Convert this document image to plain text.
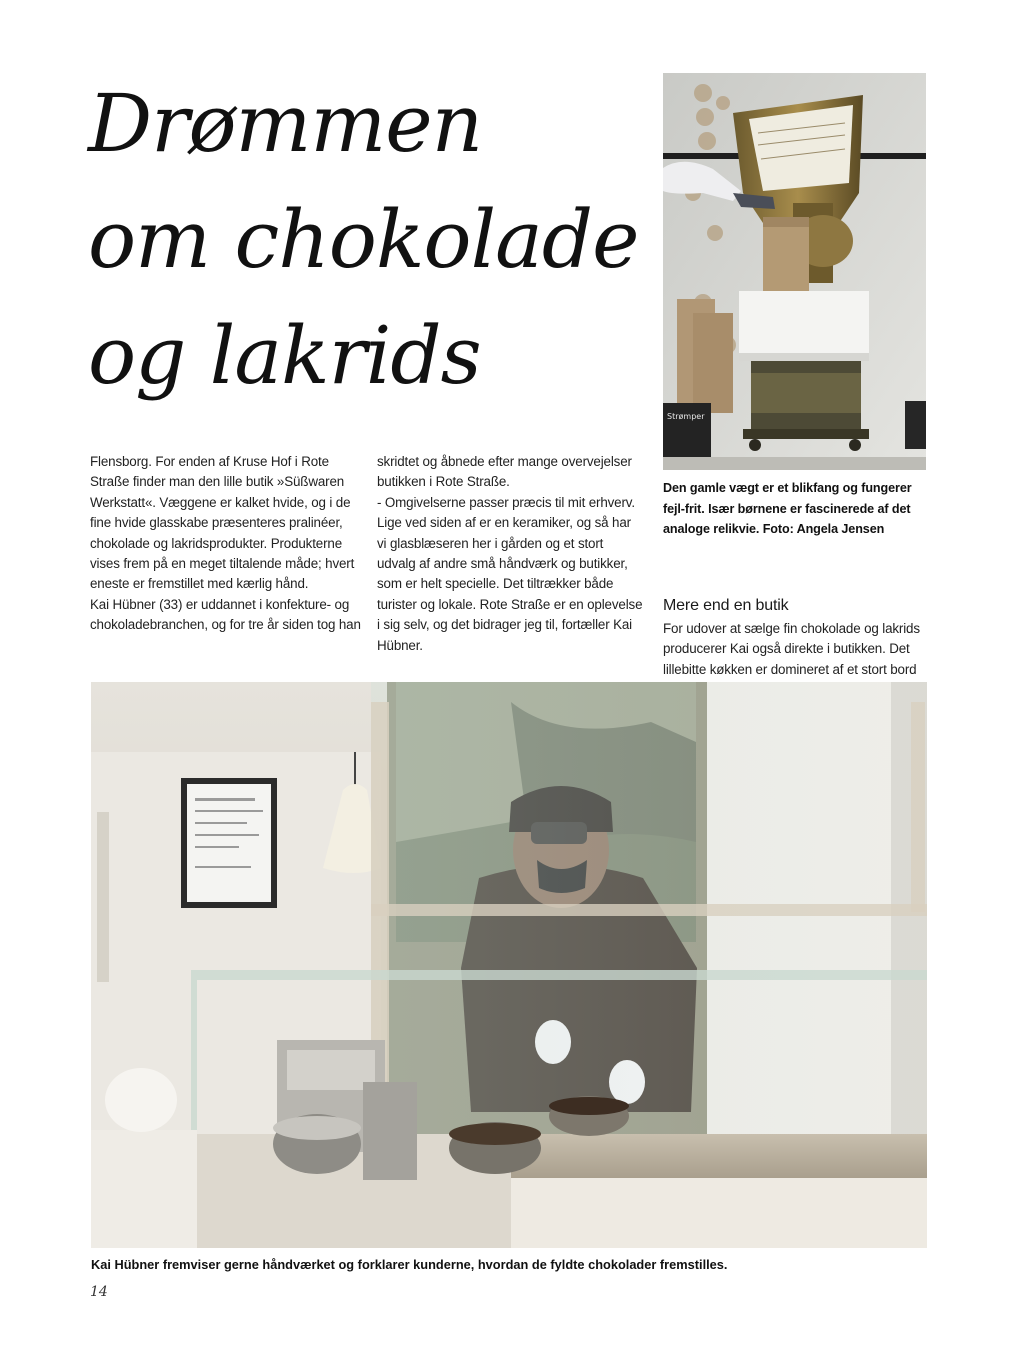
Drømmen
om chokolade
og lakrids
Strømper

Den gamle vægt er et blikfang og fungerer fejl-frit. Især børnene er fascinerede af det analoge relikvie. Foto: Angela Jensen

Flensborg. For enden af Kruse Hof i Rote Straße finder man den lille butik »Süßwaren Werkstatt«. Væggene er kalket hvide, og i de fine hvide glasskabe præsenteres pralinéer, chokolade og lakridsprodukter. Produkterne vises frem på en meget tiltalende måde; hvert eneste er fremstillet med kærlig hånd.

Kai Hübner (33) er uddannet i konfekture- og chokoladebranchen, og for tre år siden tog han

skridtet og åbnede efter mange overvejelser butikken i Rote Straße.

- Omgivelserne passer præcis til mit erhverv. Lige ved siden af er en keramiker, og så har vi glasblæseren her i gården og et stort udvalg af andre små håndværk og butikker, som er helt specielle. Det tiltrækker både turister og lokale. Rote Straße er en oplevelse i sig selv, og det bidrager jeg til, fortæller Kai Hübner.

Mere end en butik

For udover at sælge fin chokolade og lakrids producerer Kai også direkte i butikken. Det lillebitte køkken er domineret af et stort bord

Kai Hübner fremviser gerne håndværket og forklarer kunderne, hvordan de fyldte chokolader fremstilles.

14
